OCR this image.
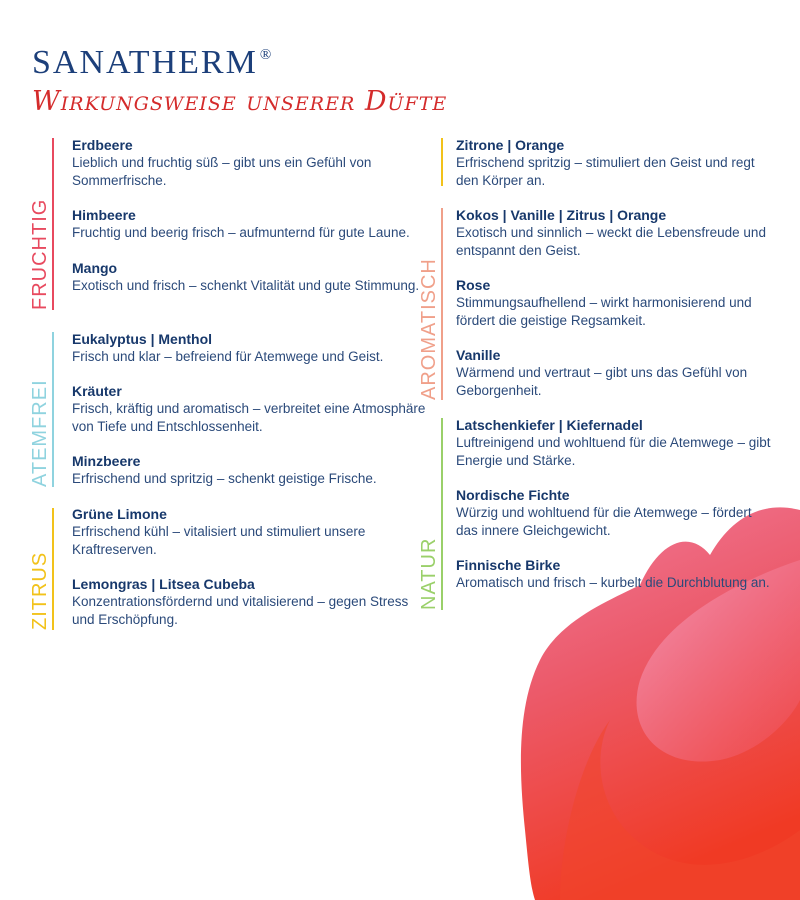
SANATHERM ®
Wirkungsweise unserer Düfte
FRUCHTIG
Erdbeere
Lieblich und fruchtig süß – gibt uns ein Gefühl von Sommerfrische.
Himbeere
Fruchtig und beerig frisch – aufmunternd für gute Laune.
Mango
Exotisch und frisch – schenkt Vitalität und gute Stimmung.
ATEMFREI
Eukalyptus | Menthol
Frisch und klar – befreiend für Atemwege und Geist.
Kräuter
Frisch, kräftig und aromatisch – verbreitet eine Atmosphäre von Tiefe und Entschlossenheit.
Minzbeere
Erfrischend und spritzig – schenkt geistige Frische.
ZITRUS
Grüne Limone
Erfrischend kühl – vitalisiert und stimuliert unsere Kraftreserven.
Lemongras | Litsea Cubeba
Konzentrationsfördernd und vitalisierend – gegen Stress und Erschöpfung.
Zitrone | Orange
Erfrischend spritzig – stimuliert den Geist und regt den Körper an.
AROMATISCH
Kokos | Vanille | Zitrus | Orange
Exotisch und sinnlich – weckt die Lebensfreude und entspannt den Geist.
Rose
Stimmungsaufhellend – wirkt harmonisierend und fördert die geistige Regsamkeit.
Vanille
Wärmend und vertraut – gibt uns das Gefühl von Geborgenheit.
NATUR
Latschenkiefer | Kiefernadel
Luftreinigend und wohltuend für die Atemwege – gibt Energie und Stärke.
Nordische Fichte
Würzig und wohltuend für die Atemwege – fördert das innere Gleichgewicht.
Finnische Birke
Aromatisch und frisch – kurbelt die Durchblutung an.
